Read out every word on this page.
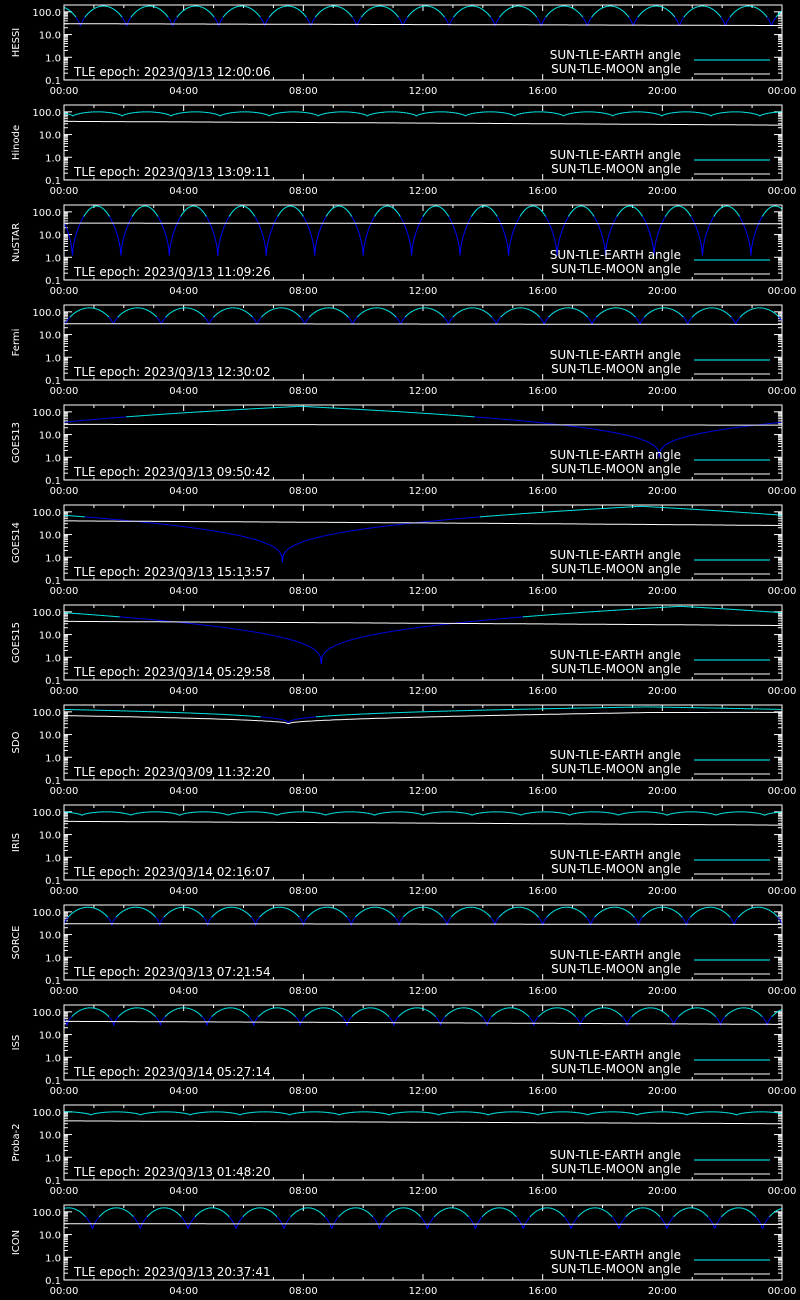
0.1
1.0
10.0
100.0
00:00	04:00	08:00	12:00	16:00	20:00	00:00
HESSI
TLE epoch: 2023/03/13 12:00:06
SUN-TLE-EARTH angle
SUN-TLE-MOON angle
0.1
1.0
10.0
100.0
00:00	04:00	08:00	12:00	16:00	20:00	00:00
Hinode
TLE epoch: 2023/03/13 13:09:11
SUN-TLE-EARTH angle
SUN-TLE-MOON angle
0.1
1.0
10.0
100.0
00:00	04:00	08:00	12:00	16:00	20:00	00:00
NuSTAR
TLE epoch: 2023/03/13 11:09:26
SUN-TLE-EARTH angle
SUN-TLE-MOON angle
0.1
1.0
10.0
100.0
00:00	04:00	08:00	12:00	16:00	20:00	00:00
Fermi
TLE epoch: 2023/03/13 12:30:02
SUN-TLE-EARTH angle
SUN-TLE-MOON angle
0.1
1.0
10.0
100.0
00:00	04:00	08:00	12:00	16:00	20:00	00:00
GOES13
TLE epoch: 2023/03/13 09:50:42
SUN-TLE-EARTH angle
SUN-TLE-MOON angle
0.1
1.0
10.0
100.0
00:00	04:00	08:00	12:00	16:00	20:00	00:00
GOES14
TLE epoch: 2023/03/13 15:13:57
SUN-TLE-EARTH angle
SUN-TLE-MOON angle
0.1
1.0
10.0
100.0
00:00	04:00	08:00	12:00	16:00	20:00	00:00
GOES15
TLE epoch: 2023/03/14 05:29:58
SUN-TLE-EARTH angle
SUN-TLE-MOON angle
0.1
1.0
10.0
100.0
00:00	04:00	08:00	12:00	16:00	20:00	00:00
SDO
TLE epoch: 2023/03/09 11:32:20
SUN-TLE-EARTH angle
SUN-TLE-MOON angle
0.1
1.0
10.0
100.0
00:00	04:00	08:00	12:00	16:00	20:00	00:00
IRIS
TLE epoch: 2023/03/14 02:16:07
SUN-TLE-EARTH angle
SUN-TLE-MOON angle
0.1
1.0
10.0
100.0
00:00	04:00	08:00	12:00	16:00	20:00	00:00
SORCE
TLE epoch: 2023/03/13 07:21:54
SUN-TLE-EARTH angle
SUN-TLE-MOON angle
0.1
1.0
10.0
100.0
00:00	04:00	08:00	12:00	16:00	20:00	00:00
ISS
TLE epoch: 2023/03/14 05:27:14
SUN-TLE-EARTH angle
SUN-TLE-MOON angle
0.1
1.0
10.0
100.0
00:00	04:00	08:00	12:00	16:00	20:00	00:00
Proba-2
TLE epoch: 2023/03/13 01:48:20
SUN-TLE-EARTH angle
SUN-TLE-MOON angle
0.1
1.0
10.0
100.0
00:00	04:00	08:00	12:00	16:00	20:00	00:00
ICON
TLE epoch: 2023/03/13 20:37:41
SUN-TLE-EARTH angle
SUN-TLE-MOON angle
